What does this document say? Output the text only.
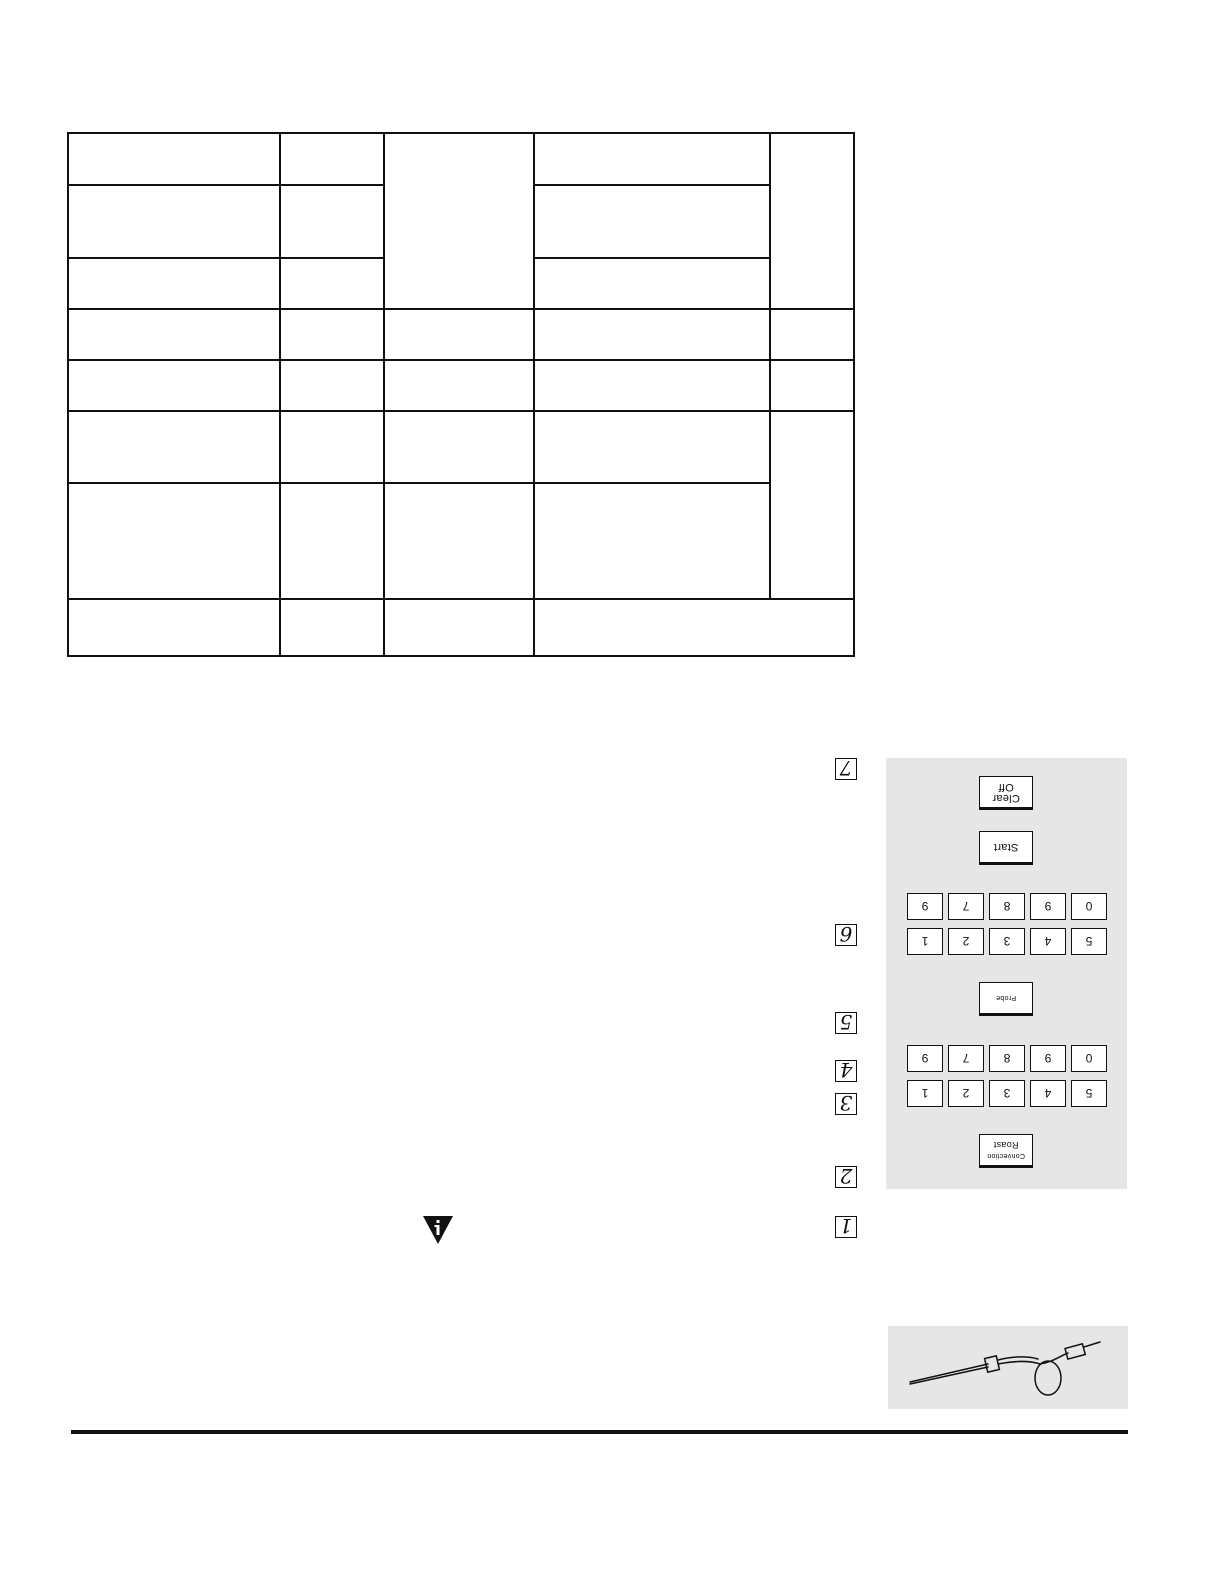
7
6
5
4
3
2
1
Clear
Off
Start
9	7	8	9	0
1	2	3	4	5
Probe
9	7	8	9	0
1	2	3	4	5
Convection
Roast
